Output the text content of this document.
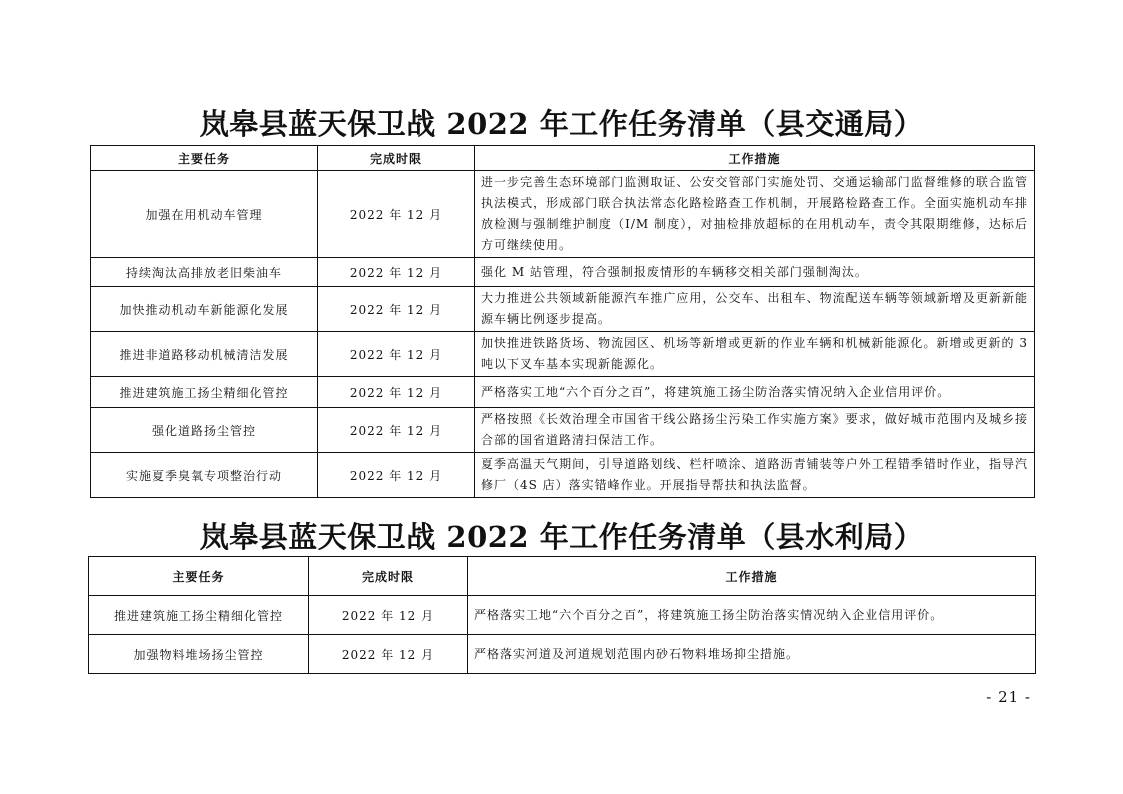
岚皋县蓝天保卫战 2022 年工作任务清单（县交通局）
主要任务	完成时限	工作措施
加强在用机动车管理	2022 年 12 月	进一步完善生态环境部门监测取证、公安交管部门实施处罚、交通运输部门监督维修的联合监管执法模式，形成部门联合执法常态化路检路查工作机制，开展路检路查工作。全面实施机动车排放检测与强制维护制度（I/M 制度），对抽检排放超标的在用机动车，责令其限期维修，达标后方可继续使用。
持续淘汰高排放老旧柴油车	2022 年 12 月	强化 M 站管理，符合强制报废情形的车辆移交相关部门强制淘汰。
加快推动机动车新能源化发展	2022 年 12 月	大力推进公共领域新能源汽车推广应用，公交车、出租车、物流配送车辆等领域新增及更新新能源车辆比例逐步提高。
推进非道路移动机械清洁发展	2022 年 12 月	加快推进铁路货场、物流园区、机场等新增或更新的作业车辆和机械新能源化。新增或更新的 3 吨以下叉车基本实现新能源化。
推进建筑施工扬尘精细化管控	2022 年 12 月	严格落实工地“六个百分之百”，将建筑施工扬尘防治落实情况纳入企业信用评价。
强化道路扬尘管控	2022 年 12 月	严格按照《长效治理全市国省干线公路扬尘污染工作实施方案》要求，做好城市范围内及城乡接合部的国省道路清扫保洁工作。
实施夏季臭氧专项整治行动	2022 年 12 月	夏季高温天气期间，引导道路划线、栏杆喷涂、道路沥青铺装等户外工程错季错时作业，指导汽修厂（4S 店）落实错峰作业。开展指导帮扶和执法监督。
岚皋县蓝天保卫战 2022 年工作任务清单（县水利局）
主要任务	完成时限	工作措施
推进建筑施工扬尘精细化管控	2022 年 12 月	严格落实工地“六个百分之百”，将建筑施工扬尘防治落实情况纳入企业信用评价。
加强物料堆场扬尘管控	2022 年 12 月	严格落实河道及河道规划范围内砂石物料堆场抑尘措施。
- 21 -
